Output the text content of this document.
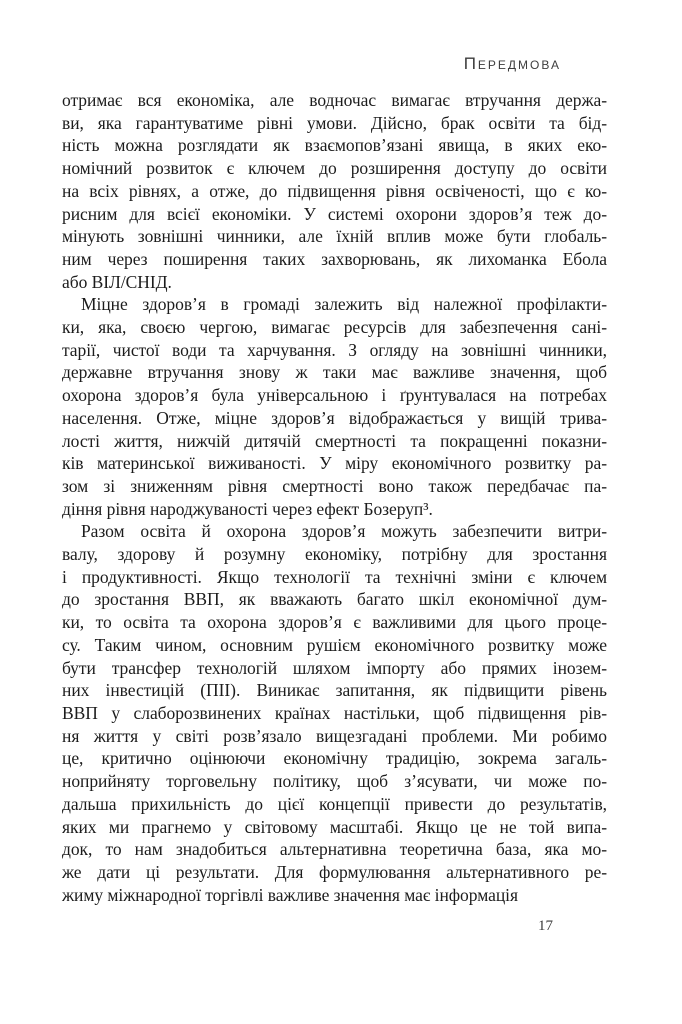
Передмова
отримає вся економіка, але водночас вимагає втручання держа-
ви, яка гарантуватиме рівні умови. Дійсно, брак освіти та бід-
ність можна розглядати як взаємопов’язані явища, в яких еко-
номічний розвиток є ключем до розширення доступу до освіти
на всіх рівнях, а отже, до підвищення рівня освіченості, що є ко-
рисним для всієї економіки. У системі охорони здоров’я теж до-
мінують зовнішні чинники, але їхній вплив може бути глобаль-
ним через поширення таких захворювань, як лихоманка Ебола
або ВІЛ/СНІД.
Міцне здоров’я в громаді залежить від належної профілакти-
ки, яка, своєю чергою, вимагає ресурсів для забезпечення сані-
тарії, чистої води та харчування. З огляду на зовнішні чинники,
державне втручання знову ж таки має важливе значення, щоб
охорона здоров’я була універсальною і ґрунтувалася на потребах
населення. Отже, міцне здоров’я відображається у вищій трива-
лості життя, нижчій дитячій смертності та покращенні показни-
ків материнської виживаності. У міру економічного розвитку ра-
зом зі зниженням рівня смертності воно також передбачає па-
діння рівня народжуваності через ефект Бозеруп³.
Разом освіта й охорона здоров’я можуть забезпечити витри-
валу, здорову й розумну економіку, потрібну для зростання
і продуктивності. Якщо технології та технічні зміни є ключем
до зростання ВВП, як вважають багато шкіл економічної дум-
ки, то освіта та охорона здоров’я є важливими для цього проце-
су. Таким чином, основним рушієм економічного розвитку може
бути трансфер технологій шляхом імпорту або прямих інозем-
них інвестицій (ПІІ). Виникає запитання, як підвищити рівень
ВВП у слаборозвинених країнах настільки, щоб підвищення рів-
ня життя у світі розв’язало вищезгадані проблеми. Ми робимо
це, критично оцінюючи економічну традицію, зокрема загаль-
ноприйняту торговельну політику, щоб з’ясувати, чи може по-
дальша прихильність до цієї концепції привести до результатів,
яких ми прагнемо у світовому масштабі. Якщо це не той випа-
док, то нам знадобиться альтернативна теоретична база, яка мо-
же дати ці результати. Для формулювання альтернативного ре-
жиму міжнародної торгівлі важливе значення має інформація
17
